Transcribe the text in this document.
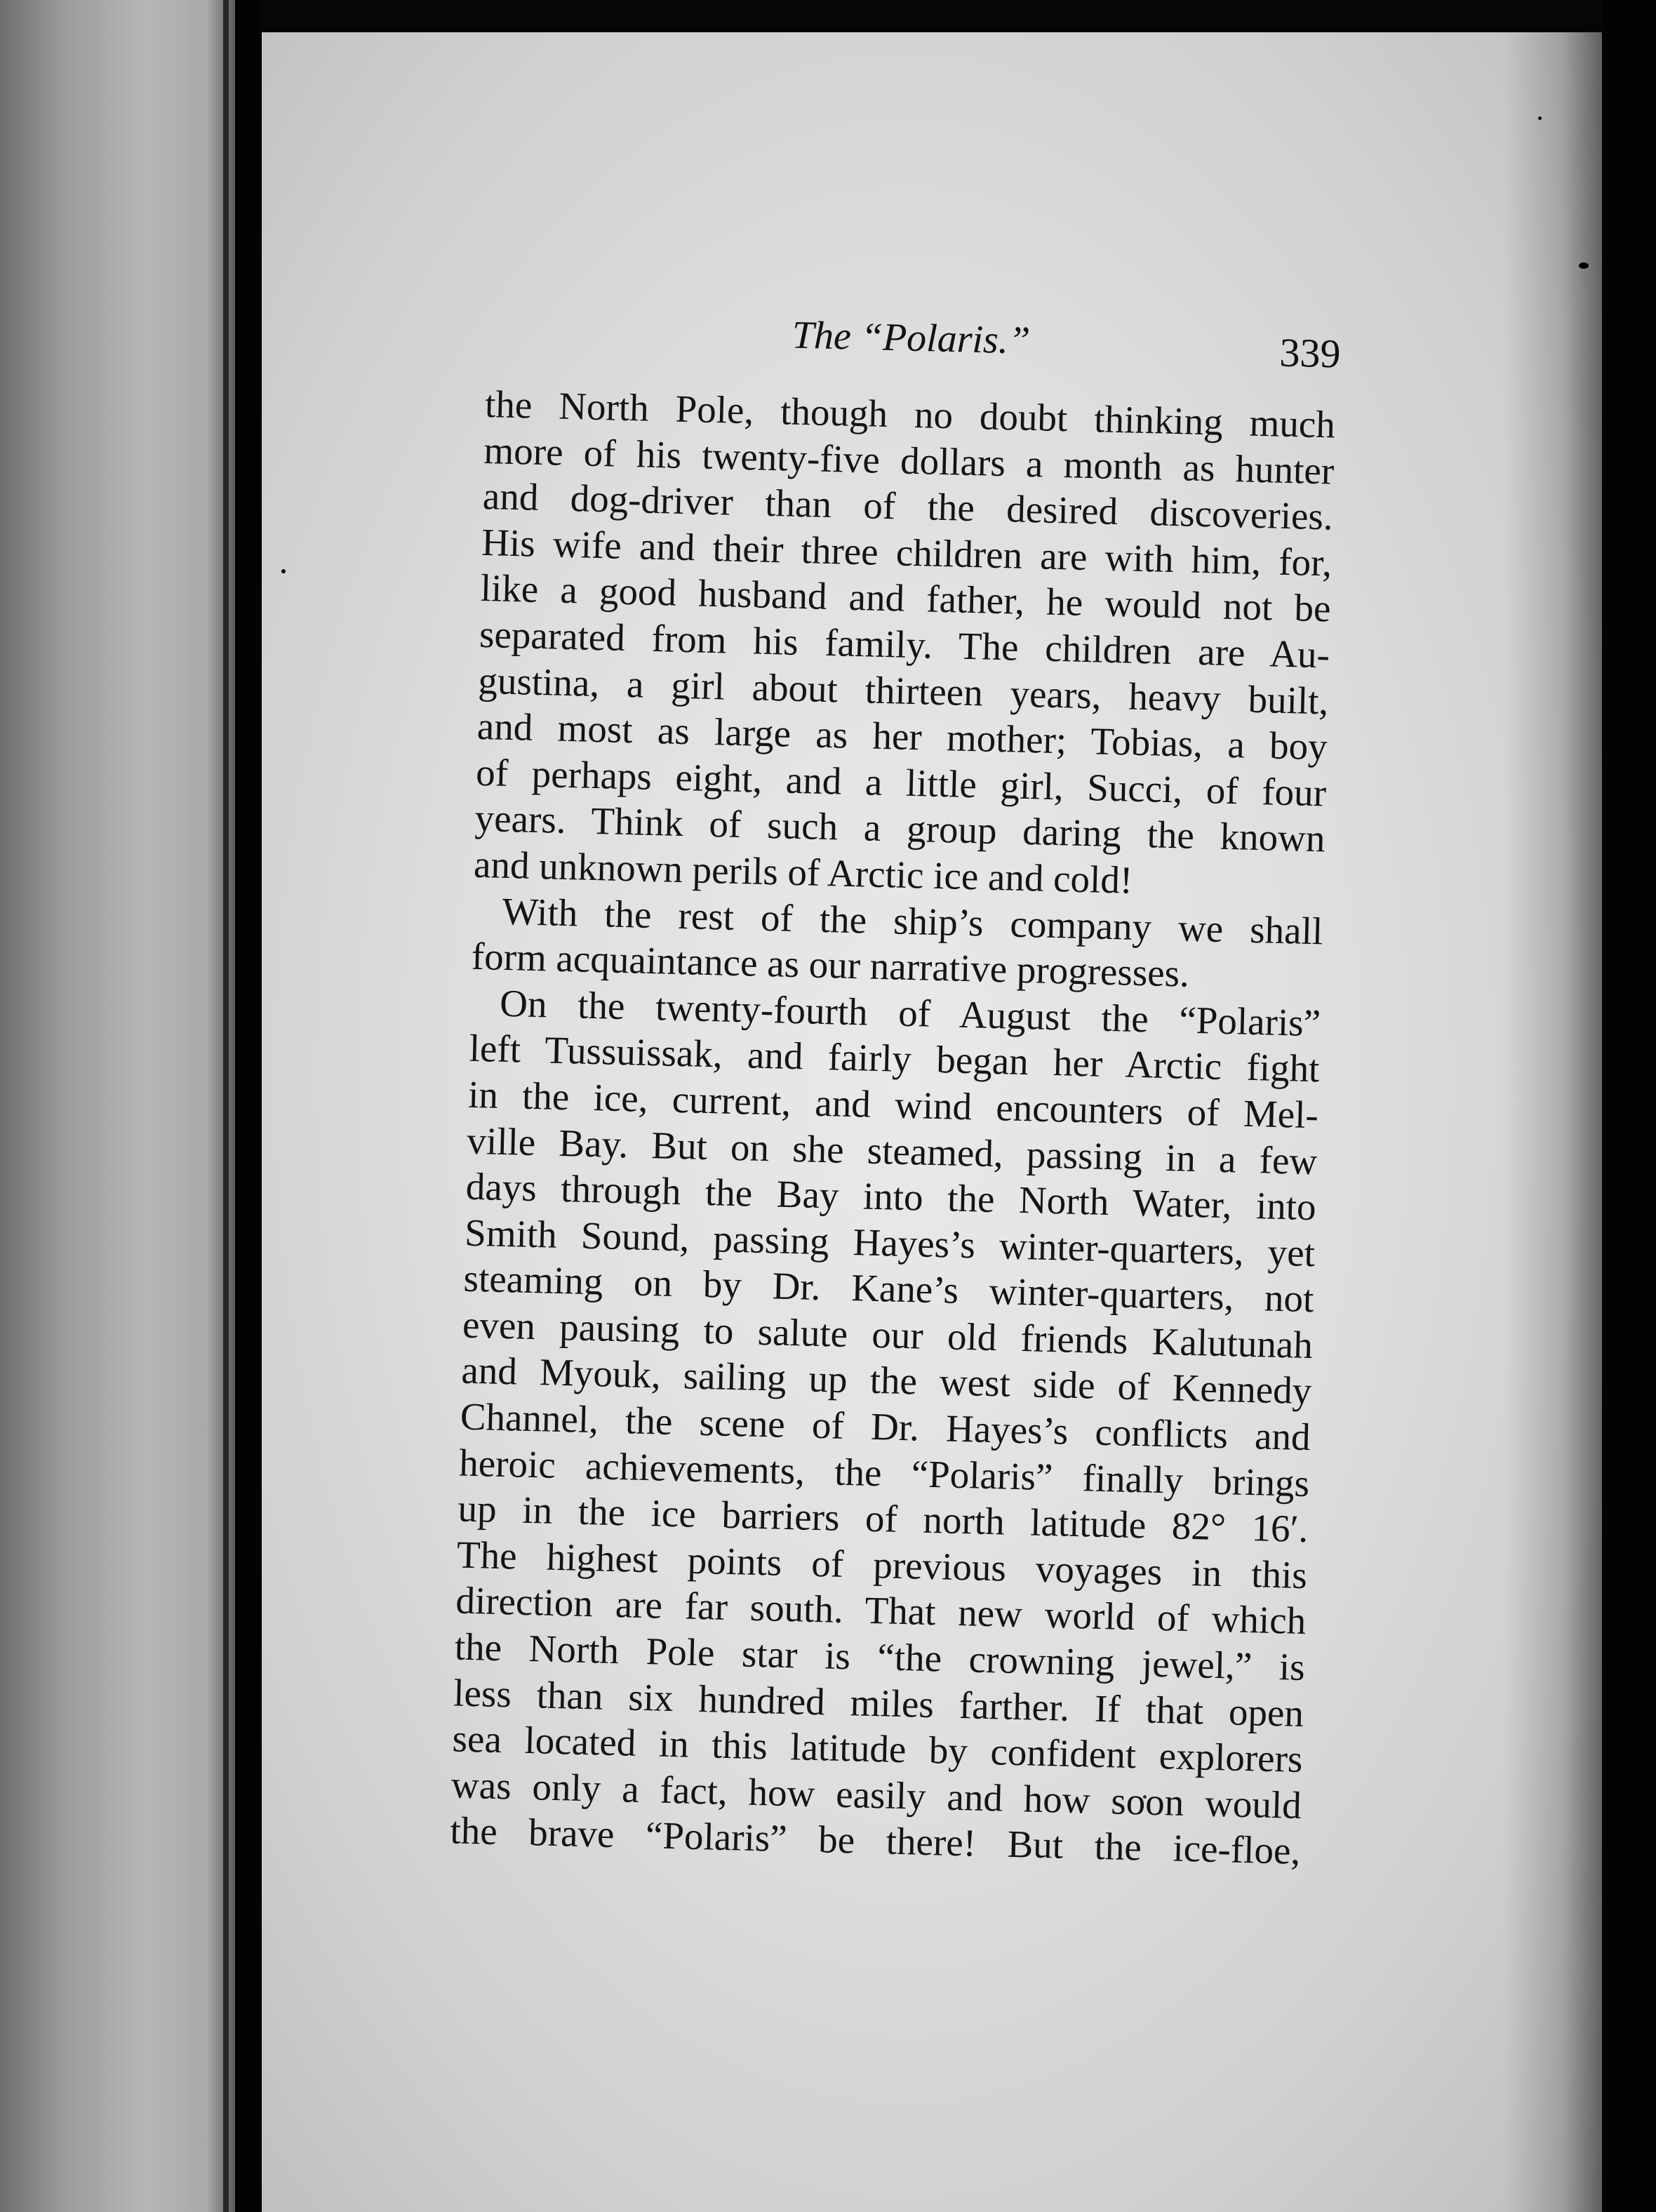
The “Polaris.”	339
the North Pole, though no doubt thinking much
more of his twenty-five dollars a month as hunter
and dog-driver than of the desired discoveries.
His wife and their three children are with him, for,
like a good husband and father, he would not be
separated from his family. The children are Au-
gustina, a girl about thirteen years, heavy built,
and most as large as her mother; Tobias, a boy
of perhaps eight, and a little girl, Succi, of four
years. Think of such a group daring the known
and unknown perils of Arctic ice and cold!
With the rest of the ship’s company we shall
form acquaintance as our narrative progresses.
On the twenty-fourth of August the “Polaris”
left Tussuissak, and fairly began her Arctic fight
in the ice, current, and wind encounters of Mel-
ville Bay. But on she steamed, passing in a few
days through the Bay into the North Water, into
Smith Sound, passing Hayes’s winter-quarters, yet
steaming on by Dr. Kane’s winter-quarters, not
even pausing to salute our old friends Kalutunah
and Myouk, sailing up the west side of Kennedy
Channel, the scene of Dr. Hayes’s conflicts and
heroic achievements, the “Polaris” finally brings
up in the ice barriers of north latitude 82° 16′.
The highest points of previous voyages in this
direction are far south. That new world of which
the North Pole star is “the crowning jewel,” is
less than six hundred miles farther. If that open
sea located in this latitude by confident explorers
was only a fact, how easily and how soon would
the brave “Polaris” be there! But the ice-floe,
